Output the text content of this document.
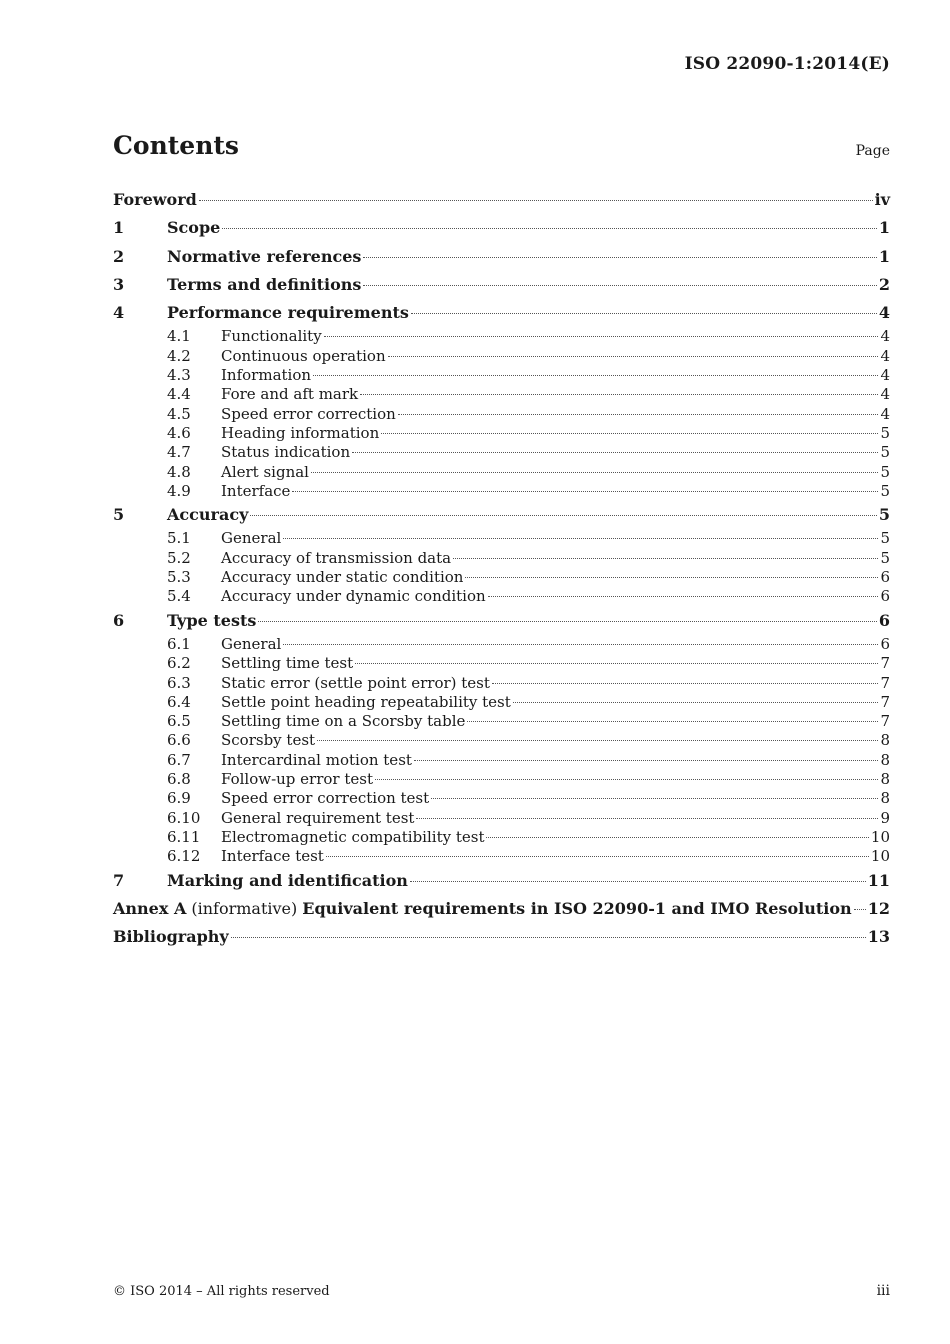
ISO 22090-1:2014(E)
Contents	Page
Foreword	iv
1	Scope	1
2	Normative references	1
3	Terms and definitions	2
4	Performance requirements	4
4.1	Functionality	4
4.2	Continuous operation	4
4.3	Information	4
4.4	Fore and aft mark	4
4.5	Speed error correction	4
4.6	Heading information	5
4.7	Status indication	5
4.8	Alert signal	5
4.9	Interface	5
5	Accuracy	5
5.1	General	5
5.2	Accuracy of transmission data	5
5.3	Accuracy under static condition	6
5.4	Accuracy under dynamic condition	6
6	Type tests	6
6.1	General	6
6.2	Settling time test	7
6.3	Static error (settle point error) test	7
6.4	Settle point heading repeatability test	7
6.5	Settling time on a Scorsby table	7
6.6	Scorsby test	8
6.7	Intercardinal motion test	8
6.8	Follow-up error test	8
6.9	Speed error correction test	8
6.10	General requirement test	9
6.11	Electromagnetic compatibility test	10
6.12	Interface test	10
7	Marking and identification	11
Annex A (informative) Equivalent requirements in ISO 22090-1 and IMO Resolution 12
Bibliography	13
© ISO 2014 – All rights reserved	iii
